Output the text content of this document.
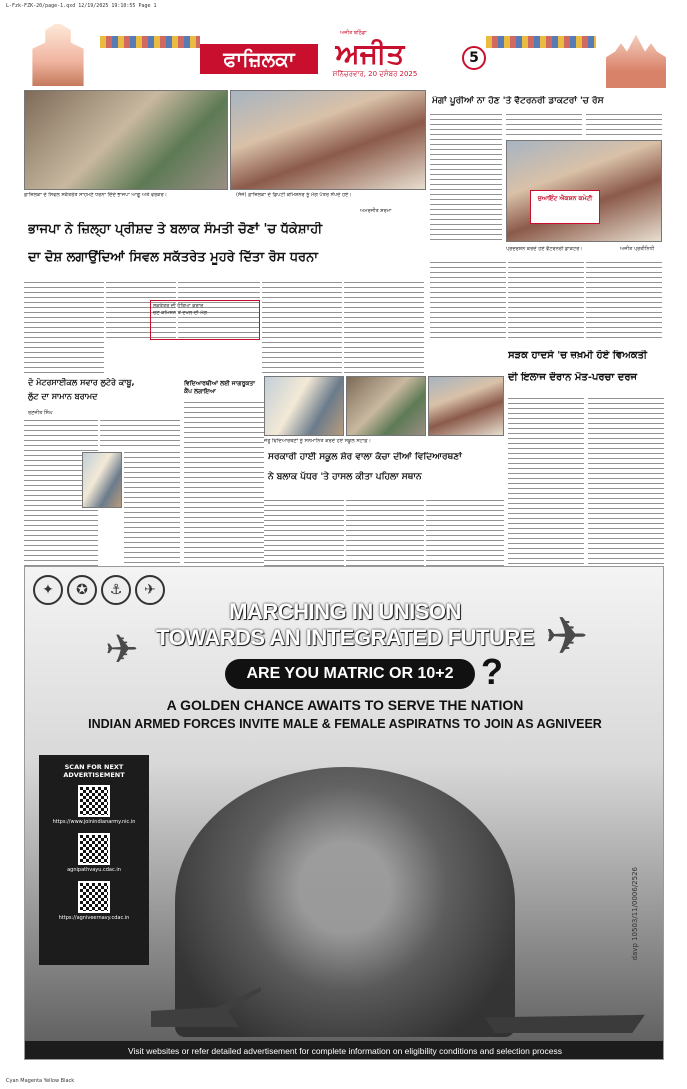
L-Fzk-FZK-20/page-1.qxd 12/19/2025 19:10:55 Page 1
ਅਜੀਤ ਬਠਿੰਡਾ
ਫਾਜ਼ਿਲਕਾ	ਅਜੀਤ
ਸ਼ਨਿੱਚਰਵਾਰ, 20 ਦਸੰਬਰ 2025
5
ਫ਼ਾਜ਼ਿਲਕਾ ਦੇ ਸਿਵਲ ਸਕੱਤਰੇਤ ਸਾਹਮਣੇ ਧਰਨਾ ਦਿੰਦੇ ਭਾਜਪਾ ਆਗੂ ਅਤੇ ਵਰਕਰ।	(ਸੱਜੇ) ਫ਼ਾਜ਼ਿਲਕਾ ਦੇ ਡਿਪਟੀ ਕਮਿਸ਼ਨਰ ਨੂੰ ਮੰਗ ਪੱਤਰ ਸੌਂਪਦੇ ਹੋਏ।
ਭਾਜਪਾ ਨੇ ਜ਼ਿਲ੍ਹਾ ਪ੍ਰੀਸ਼ਦ ਤੇ ਬਲਾਕ ਸੰਮਤੀ ਚੋਣਾਂ 'ਚ ਧੱਕੇਸ਼ਾਹੀ
ਦਾ ਦੋਸ਼ ਲਗਾਉਂਦਿਆਂ ਸਿਵਲ ਸਕੱਤਰੇਤ ਮੂਹਰੇ ਦਿੱਤਾ ਰੋਸ ਧਰਨਾ
ਅਮਰਜੀਤ ਸ਼ਰਮਾ
ਲੋਕਤੰਤਰ ਦੀ ਹੱਤਿਆ ਕਰਾਰ
ਚੋਣ ਕਮਿਸ਼ਨ ਤੋਂ ਦਖਲ ਦੀ ਮੰਗ
ਦੋ ਮੋਟਰਸਾਈਕਲ ਸਵਾਰ ਲੁਟੇਰੇ ਕਾਬੂ,
ਲੁੱਟ ਦਾ ਸਾਮਾਨ ਬਰਾਮਦ
ਰਣਜੀਤ ਸਿੰਘ
ਵਿਦਿਆਰਥੀਆਂ ਲਈ ਜਾਗਰੂਕਤਾ ਕੈਂਪ ਲਗਾਇਆ
ਜੇਤੂ ਵਿਦਿਆਰਥਣਾਂ ਨੂੰ ਸਨਮਾਨਿਤ ਕਰਦੇ ਹੋਏ ਸਕੂਲ ਸਟਾਫ਼।
ਸਰਕਾਰੀ ਹਾਈ ਸਕੂਲ ਸ਼ੇਰ ਵਾਲਾ ਕੱਚਾ ਦੀਆਂ ਵਿਦਿਆਰਥਣਾਂ
ਨੇ ਬਲਾਕ ਪੱਧਰ 'ਤੇ ਹਾਸਲ ਕੀਤਾ ਪਹਿਲਾ ਸਥਾਨ
ਮੰਗਾਂ ਪੂਰੀਆਂ ਨਾ ਹੋਣ 'ਤੇ ਵੈਟਰਨਰੀ ਡਾਕਟਰਾਂ 'ਚ ਰੋਸ
ਜੁਆਇੰਟ ਐਕਸ਼ਨ ਕਮੇਟੀ
ਪ੍ਰਦਰਸ਼ਨ ਕਰਦੇ ਹੋਏ ਵੈਟਰਨਰੀ ਡਾਕਟਰ।	ਅਜੀਤ ਪ੍ਰਤੀਨਿਧੀ
ਸੜਕ ਹਾਦਸੇ 'ਚ ਜ਼ਖ਼ਮੀ ਹੋਏ ਵਿਅਕਤੀ
ਦੀ ਇਲਾਜ ਦੌਰਾਨ ਮੌਤ-ਪਰਚਾ ਦਰਜ
✦	✪	⚓	✈
✈	✈
MARCHING IN UNISON
TOWARDS AN INTEGRATED FUTURE
ARE YOU MATRIC OR 10+2 ?
A GOLDEN CHANCE AWAITS TO SERVE THE NATION
INDIAN ARMED FORCES INVITE MALE & FEMALE ASPIRATNS TO JOIN AS AGNIVEER
SCAN FOR NEXT ADVERTISEMENT
https://www.joinindianarmy.nic.in
agnipathvayu.cdac.in
https://agniveernavy.cdac.in	davp 10503/11/0006/2526
Visit websites or refer detailed advertisement for complete information on eligibility conditions and selection process
Cyan Magenta Yellow Black
